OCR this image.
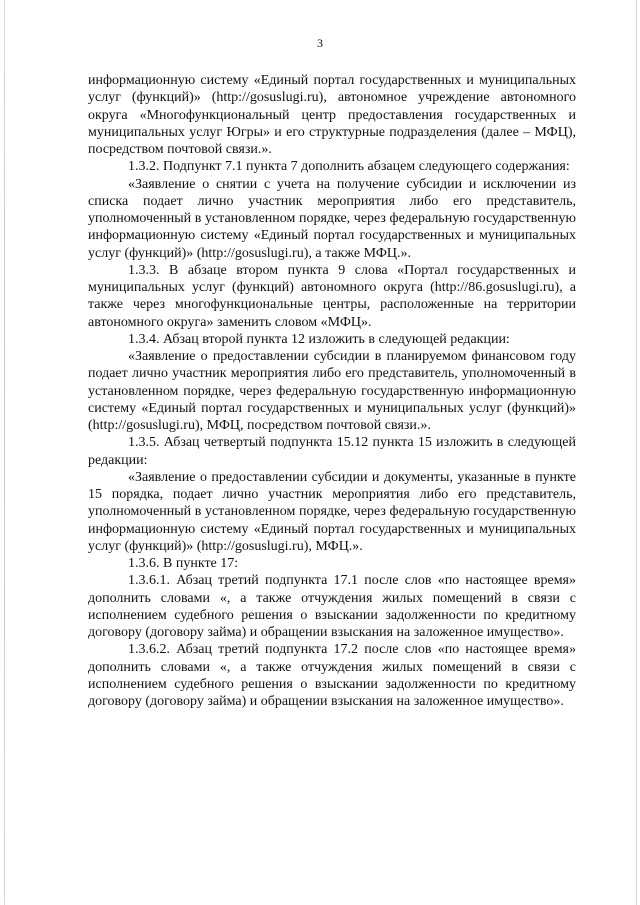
3

информационную систему «Единый портал государственных и муниципальных услуг (функций)» (http://gosuslugi.ru), автономное учреждение автономного округа «Многофункциональный центр предоставления государственных и муниципальных услуг Югры» и его структурные подразделения (далее – МФЦ), посредством почтовой связи.».

1.3.2. Подпункт 7.1 пункта 7 дополнить абзацем следующего содержания:

«Заявление о снятии с учета на получение субсидии и исключении из списка подает лично участник мероприятия либо его представитель, уполномоченный в установленном порядке, через федеральную государственную информационную систему «Единый портал государственных и муниципальных услуг (функций)» (http://gosuslugi.ru), а также МФЦ.».

1.3.3. В абзаце втором пункта 9 слова «Портал государственных и муниципальных услуг (функций) автономного округа (http://86.gosuslugi.ru), а также через многофункциональные центры, расположенные на территории автономного округа» заменить словом «МФЦ».

1.3.4. Абзац второй пункта 12 изложить в следующей редакции:

«Заявление о предоставлении субсидии в планируемом финансовом году подает лично участник мероприятия либо его представитель, уполномоченный в установленном порядке, через федеральную государственную информационную систему «Единый портал государственных и муниципальных услуг (функций)» (http://gosuslugi.ru), МФЦ, посредством почтовой связи.».

1.3.5. Абзац четвертый подпункта 15.12 пункта 15 изложить в следующей редакции:

«Заявление о предоставлении субсидии и документы, указанные в пункте 15 порядка, подает лично участник мероприятия либо его представитель, уполномоченный в установленном порядке, через федеральную государственную информационную систему «Единый портал государственных и муниципальных услуг (функций)» (http://gosuslugi.ru), МФЦ.».

1.3.6. В пункте 17:

1.3.6.1. Абзац третий подпункта 17.1 после слов «по настоящее время» дополнить словами «, а также отчуждения жилых помещений в связи с исполнением судебного решения о взыскании задолженности по кредитному договору (договору займа) и обращении взыскания на заложенное имущество».

1.3.6.2. Абзац третий подпункта 17.2 после слов «по настоящее время» дополнить словами «, а также отчуждения жилых помещений в связи с исполнением судебного решения о взыскании задолженности по кредитному договору (договору займа) и обращении взыскания на заложенное имущество».
